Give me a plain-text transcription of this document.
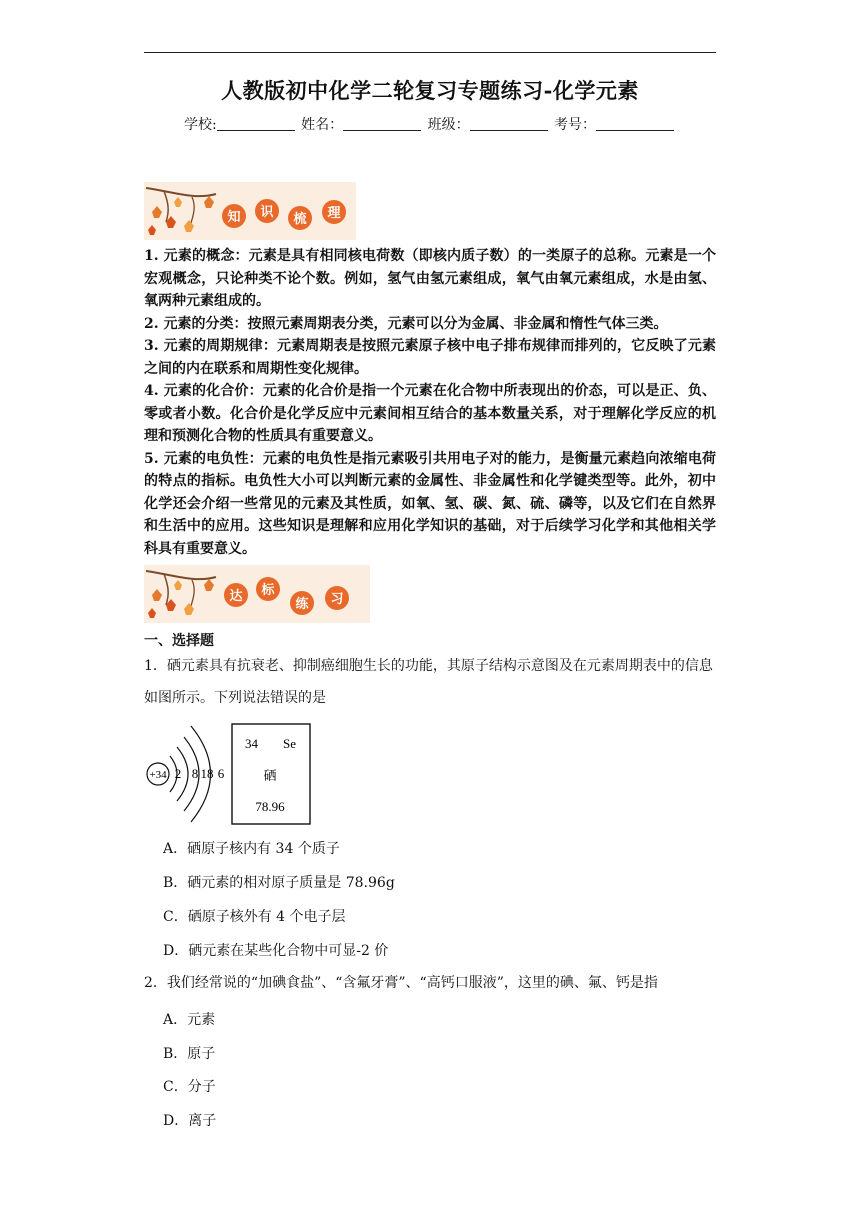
人教版初中化学二轮复习专题练习-化学元素
学校:	姓名：	班级：	考号：
知 识 梳 理

1. 元素的概念：元素是具有相同核电荷数（即核内质子数）的一类原子的总称。元素是一个宏观概念，只论种类不论个数。例如，氢气由氢元素组成，氧气由氧元素组成，水是由氢、氧两种元素组成的。

2. 元素的分类：按照元素周期表分类，元素可以分为金属、非金属和惰性气体三类。

3. 元素的周期规律：元素周期表是按照元素原子核中电子排布规律而排列的，它反映了元素之间的内在联系和周期性变化规律。

4. 元素的化合价：元素的化合价是指一个元素在化合物中所表现出的价态，可以是正、负、零或者小数。化合价是化学反应中元素间相互结合的基本数量关系，对于理解化学反应的机理和预测化合物的性质具有重要意义。

5. 元素的电负性：元素的电负性是指元素吸引共用电子对的能力，是衡量元素趋向浓缩电荷的特点的指标。电负性大小可以判断元素的金属性、非金属性和化学键类型等。此外，初中化学还会介绍一些常见的元素及其性质，如氧、氢、碳、氮、硫、磷等，以及它们在自然界和生活中的应用。这些知识是理解和应用化学知识的基础，对于后续学习化学和其他相关学科具有重要意义。

达 标
练 习
一、选择题
1．硒元素具有抗衰老、抑制癌细胞生长的功能，其原子结构示意图及在元素周期表中的信息如图所示。下列说法错误的是
+34 2 8 18 6
34 Se
硒
78.96
A．硒原子核内有 34 个质子
B．硒元素的相对原子质量是 78.96g
C．硒原子核外有 4 个电子层
D．硒元素在某些化合物中可显-2 价
2．我们经常说的“加碘食盐”、“含氟牙膏”、“高钙口服液”，这里的碘、氟、钙是指
A．元素
B．原子
C．分子
D．离子
